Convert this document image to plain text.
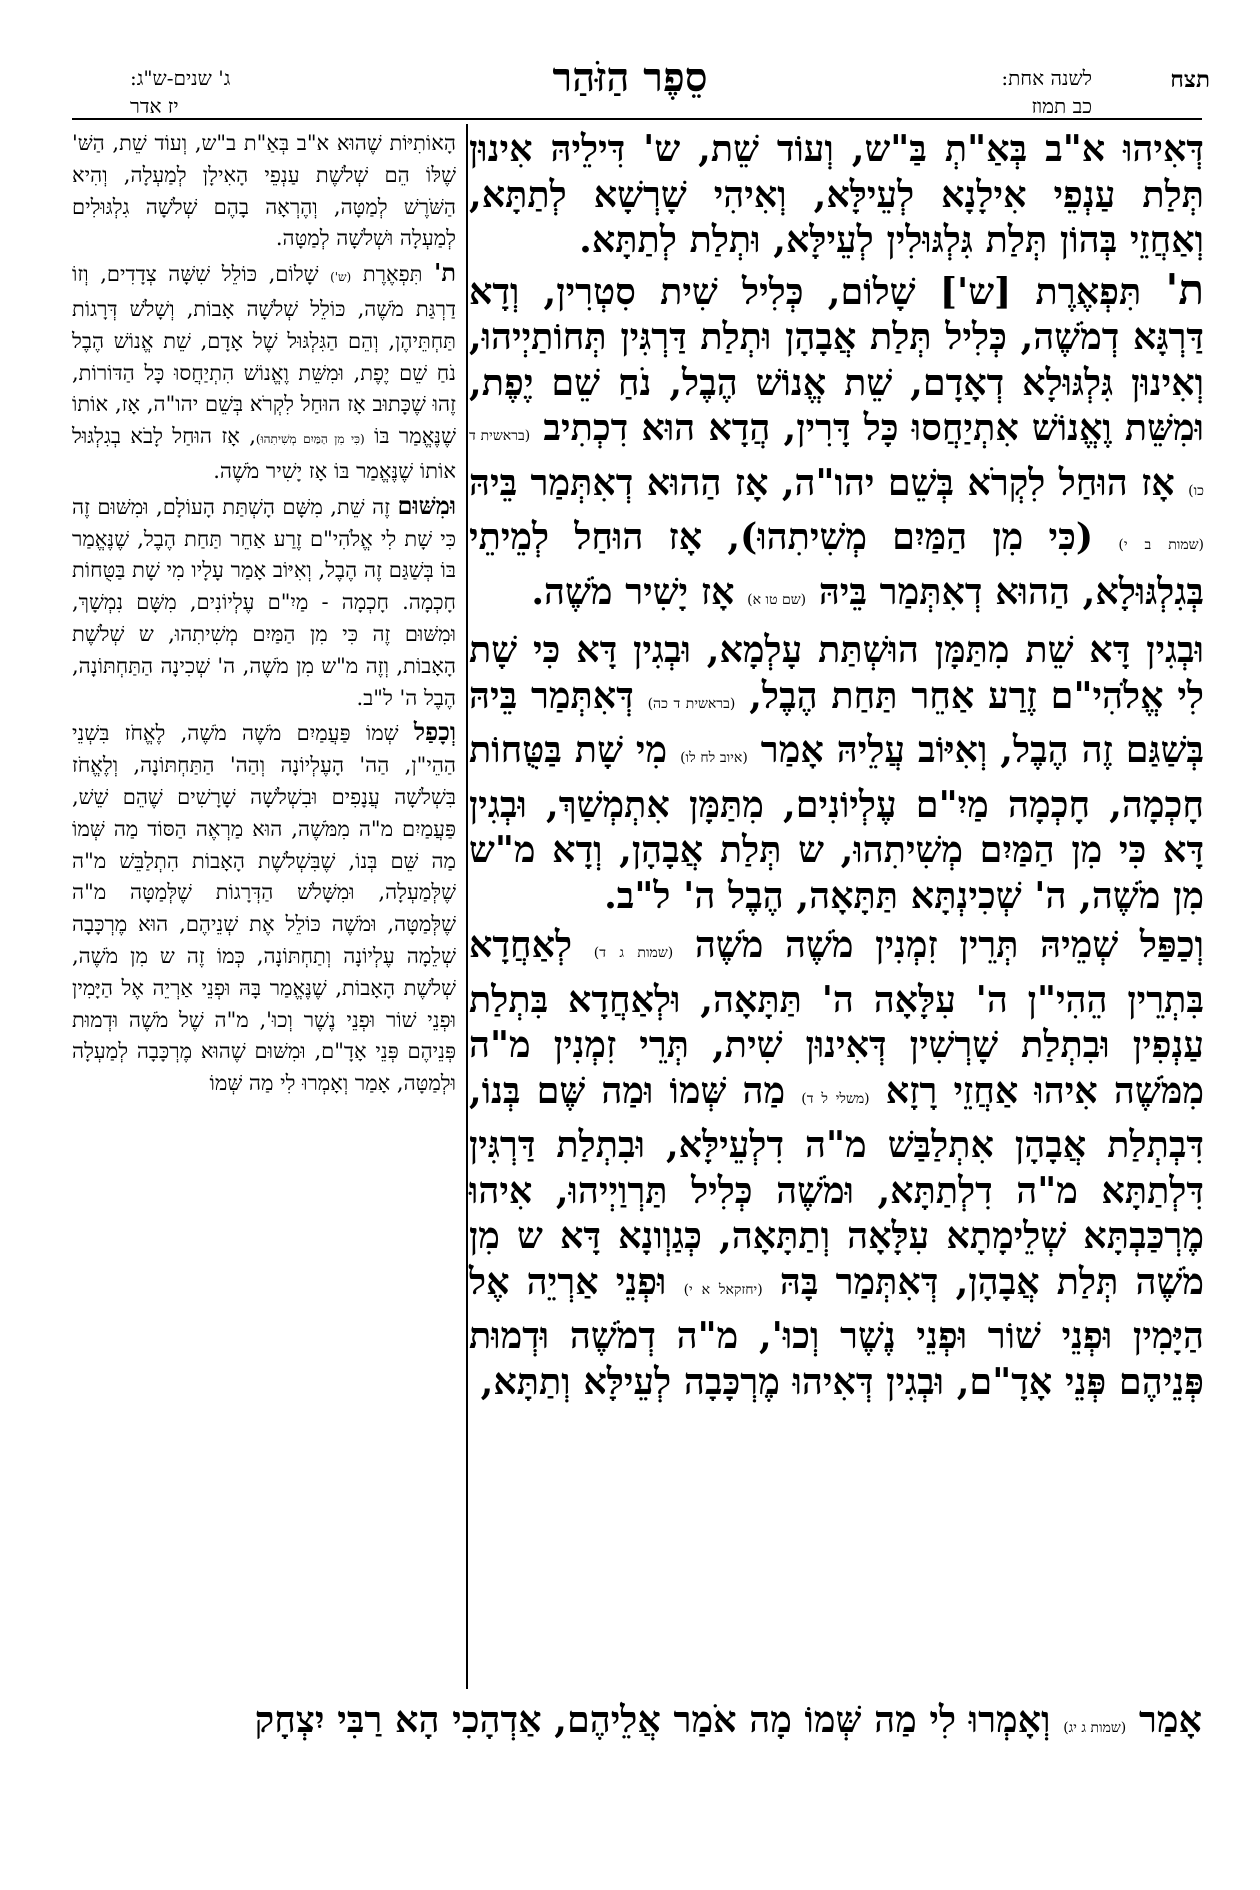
תצח
לשנה אחת:
כב תמוז
סֵפֶר הַזֹּהַר
ג' שנים-ש"ג:
יז אדר

דְּאִיהוּ א"ב בְּאַ"תְ בַּ"ש, וְעוֹד שֵׁת, ש' דִּילֵיהּ אִינוּן תְּלַת עַנְפֵי אִילָנָא לְעֵילָּא, וְאִיהִי שָׁרְשָׁא לְתַתָּא, וְאַחֲזֵי בְּהוֹן תְּלַת גִּלְגּוּלִין לְעֵילָּא, וּתְלַת לְתַתָּא.

ת' תִּפְאֶרֶת [ש'] שָׁלוֹם, כְּלִיל שִׁית סִטְרִין, וְדָא דַּרְגָּא דְמֹשֶׁה, כְּלִיל תְּלַת אֲבָהָן וּתְלַת דַּרְגִּין תְּחוֹתַיְיהוּ, וְאִינוּן גִּלְגּוּלָא דְאָדָם, שֵׁת אֱנוֹשׁ הֶבֶל, נֹחַ שֵׁם יֶפֶת, וּמִשֵּׁת וֶאֱנוֹשׁ אִתְיַחֲסוּ כָּל דָּרִין, הֲדָא הוּא דִכְתִיב (בראשית ד כו) אָז הוּחַל לִקְרֹא בְּשֵׁם יהו"ה, אָז הַהוּא דְאִתְּמַר בֵּיהּ (שמות ב י) (כִּי מִן הַמַּיִם מְשִׁיתִהוּ), אָז הוּחַל לְמֵיתֵי בְּגִלְגּוּלָא, הַהוּא דְאִתְּמַר בֵּיהּ (שם טו א) אָז יָשִׁיר מֹשֶׁה.

וּבְגִין דָּא שֵׁת מִתַּמָּן הוּשְׁתַּת עָלְמָא, וּבְגִין דָּא כִּי שָׁת לִי אֱלֹהִי"ם זֶרַע אַחֵר תַּחַת הֶבֶל, (בראשית ד כה) דְּאִתְּמַר בֵּיהּ בְּשַׁגַּם זֶה הֶבֶל, וְאִיּוֹב עֲלֵיהּ אָמַר (איוב לח לו) מִי שָׁת בַּטֻּחוֹת חָכְמָה, חָכְמָה מַיִ"ם עֶלְיוֹנִים, מִתַּמָּן אִתְמְשַׁךְ, וּבְגִין דָּא כִּי מִן הַמַּיִם מְשִׁיתִהוּ, ש תְּלַת אֲבָהָן, וְדָא מ"ש מִן מֹשֶׁה, ה' שְׁכִינְתָּא תַּתָּאָה, הֶבֶל ה' ל"ב.

וְכַפַּל שְׁמֵיהּ תְּרֵין זִמְנִין מֹשֶׁה מֹשֶׁה (שמות ג ד) לְאַחֲדָא בִּתְרֵין הֵהִי"ן ה' עִלָּאָה ה' תַּתָּאָה, וּלְאַחֲדָא בִּתְלַת עַנְפִין וּבִתְלַת שָׁרְשִׁין דְּאִינוּן שִׁית, תְּרֵי זִמְנִין מ"ה מִמֹּשֶׁה אִיהוּ אַחֲזֵי רָזָא (משלי ל ד) מַה שְּׁמוֹ וּמַה שֶּׁם בְּנוֹ, דִּבְתְלַת אֲבָהָן אִתְלַבַּשׁ מ"ה דִלְעֵילָּא, וּבִתְלַת דַּרְגִּין דִּלְתַתָּא מ"ה דִלְתַתָּא, וּמֹשֶׁה כְּלִיל תַּרְוַיְיהוּ, אִיהוּ מֶרְכַּבְתָּא שְׁלֵימָתָא עִלָּאָה וְתַתָּאָה, כְּגַוְונָא דָּא ש מִן מֹשֶׁה תְּלַת אֲבָהָן, דְּאִתְּמַר בָּהּ (יחזקאל א י) וּפְנֵי אַרְיֵה אֶל הַיָּמִין וּפְנֵי שׁוֹר וּפְנֵי נֶשֶׁר וְכוּ', מ"ה דְמֹשֶׁה וּדְמוּת פְּנֵיהֶם פְּנֵי אָדָ"ם, וּבְגִין דְּאִיהוּ מֶרְכָּבָה לְעֵילָּא וְתַתָּא,

הָאוֹתִיּוֹת שֶׁהוּא א"ב בְּאַ"ת ב"ש, וְעוֹד שֵׁת, הַשּׁ' שֶׁלּוֹ הֵם שְׁלֹשֶׁת עַנְפֵי הָאִילָן לְמַעְלָה, וְהִיא הַשֹּׁרֶשׁ לְמַטָּה, וְהֶרְאָה בָהֶם שְׁלֹשָׁה גִלְגּוּלִים לְמַעְלָה וּשְׁלֹשָׁה לְמַטָּה.

ת' תִּפְאֶרֶת (ש') שָׁלוֹם, כּוֹלֵל שִׁשָּׁה צְדָדִים, וְזוֹ דַרְגַּת מֹשֶׁה, כּוֹלֵל שְׁלֹשָׁה אָבוֹת, וְשָׁלֹשׁ דְּרָגוֹת תַּחְתֵּיהֶן, וְהֵם הַגִּלְגּוּל שֶׁל אָדָם, שֵׁת אֱנוֹשׁ הֶבֶל נֹחַ שֵׁם יֶפֶת, וּמִשֵּׁת וֶאֱנוֹשׁ הִתְיַחֲסוּ כָּל הַדּוֹרוֹת, זֶהוּ שֶׁכָּתוּב אָז הוּחַל לִקְרֹא בְּשֵׁם יהו"ה, אָז, אוֹתוֹ שֶׁנֶּאֱמַר בּוֹ (כִּי מִן הַמַּיִם מְשִׁיתִהוּ), אָז הוּחַל לָבֹא בְגִלְגּוּל אוֹתוֹ שֶׁנֶּאֱמַר בּוֹ אָז יָשִׁיר מֹשֶׁה.

וּמִשּׁוּם זֶה שֵׁת, מִשָּׁם הָשְׁתַּת הָעוֹלָם, וּמִשּׁוּם זֶה כִּי שָׁת לִי אֱלֹהִי"ם זֶרַע אַחֵר תַּחַת הֶבֶל, שֶׁנֶּאֱמַר בּוֹ בְּשַׁגַּם זֶה הֶבֶל, וְאִיּוֹב אָמַר עָלָיו מִי שָׁת בַּטֻּחוֹת חָכְמָה. חָכְמָה - מַיִ"ם עֶלְיוֹנִים, מִשָּׁם נִמְשָׁךְ, וּמִשּׁוּם זֶה כִּי מִן הַמַּיִם מְשִׁיתִהוּ, ש שְׁלֹשֶׁת הָאָבוֹת, וְזֶה מ"ש מִן מֹשֶׁה, ה' שְׁכִינָה הַתַּחְתּוֹנָה, הֶבֶל ה' ל"ב.

וְכָפַל שְׁמוֹ פַּעֲמַיִם מֹשֶׁה מֹשֶׁה, לֶאֱחֹז בִּשְׁנֵי הַהֵי"ן, הַה' הָעֶלְיוֹנָה וְהַה' הַתַּחְתּוֹנָה, וְלֶאֱחֹז בִּשְׁלֹשָׁה עֲנָפִים וּבִשְׁלֹשָׁה שָׁרָשִׁים שֶׁהֵם שֵׁשׁ, פַּעֲמַיִם מ"ה מִמֹּשֶׁה, הוּא מַרְאֶה הַסּוֹד מַה שְּׁמוֹ מַה שֵּׁם בְּנוֹ, שֶׁבִּשְׁלֹשֶׁת הָאָבוֹת הִתְלַבֵּשׁ מ"ה שֶׁלְּמַעְלָה, וּמִשָּׁלֹשׁ הַדְּרָגוֹת שֶׁלְּמַטָּה מ"ה שֶׁלְּמַטָּה, וּמֹשֶׁה כּוֹלֵל אֶת שְׁנֵיהֶם, הוּא מֶרְכָּבָה שְׁלֵמָה עֶלְיוֹנָה וְתַחְתּוֹנָה, כְּמוֹ זֶה ש מִן מֹשֶׁה, שְׁלֹשֶׁת הָאָבוֹת, שֶׁנֶּאֱמַר בָּהּ וּפְנֵי אַרְיֵה אֶל הַיָּמִין וּפְנֵי שׁוֹר וּפְנֵי נֶשֶׁר וְכוּ', מ"ה שֶׁל מֹשֶׁה וּדְמוּת פְּנֵיהֶם פְּנֵי אָדָ"ם, וּמִשּׁוּם שֶׁהוּא מֶרְכָּבָה לְמַעְלָה וּלְמַטָּה, אָמַר וְאָמְרוּ לִי מַה שְּׁמוֹ

אָמַר (שמות ג יג) וְאָמְרוּ לִי מַה שְּׁמוֹ מָה אֹמַר אֲלֵיהֶם, אַדְהָכִי הָא רַבִּי יִצְחָק
